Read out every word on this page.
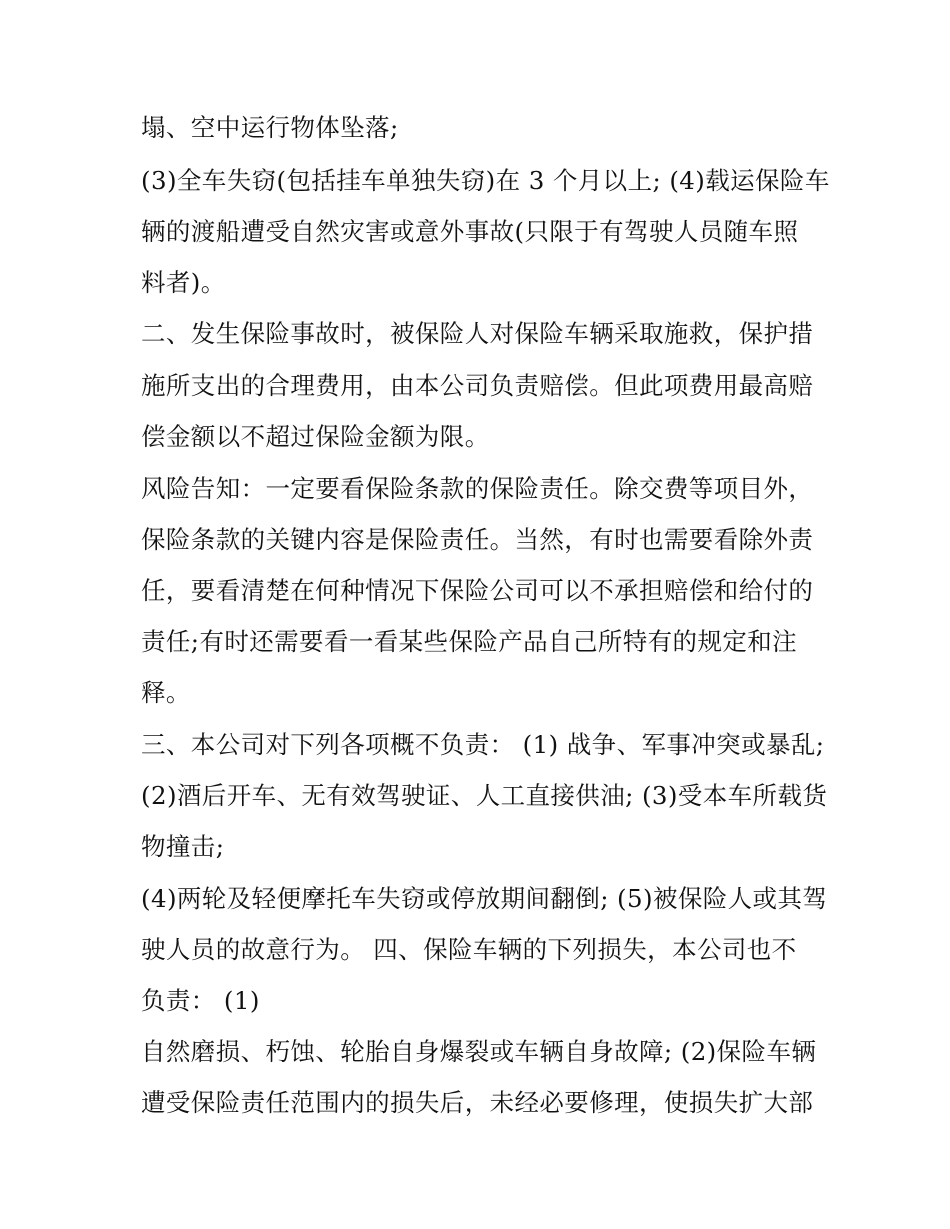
塌、空中运行物体坠落;
(3)全车失窃(包括挂车单独失窃)在 3 个月以上; (4)载运保险车
辆的渡船遭受自然灾害或意外事故(只限于有驾驶人员随车照
料者)。
二、发生保险事故时，被保险人对保险车辆采取施救，保护措
施所支出的合理费用，由本公司负责赔偿。但此项费用最高赔
偿金额以不超过保险金额为限。
风险告知：一定要看保险条款的保险责任。除交费等项目外，
保险条款的关键内容是保险责任。当然，有时也需要看除外责
任，要看清楚在何种情况下保险公司可以不承担赔偿和给付的
责任;有时还需要看一看某些保险产品自己所特有的规定和注
释。
三、本公司对下列各项概不负责： (1) 战争、军事冲突或暴乱;
(2)酒后开车、无有效驾驶证、人工直接供油; (3)受本车所载货
物撞击;
(4)两轮及轻便摩托车失窃或停放期间翻倒; (5)被保险人或其驾
驶人员的故意行为。 四、保险车辆的下列损失，本公司也不
负责： (1)
自然磨损、朽蚀、轮胎自身爆裂或车辆自身故障; (2)保险车辆
遭受保险责任范围内的损失后，未经必要修理，使损失扩大部
